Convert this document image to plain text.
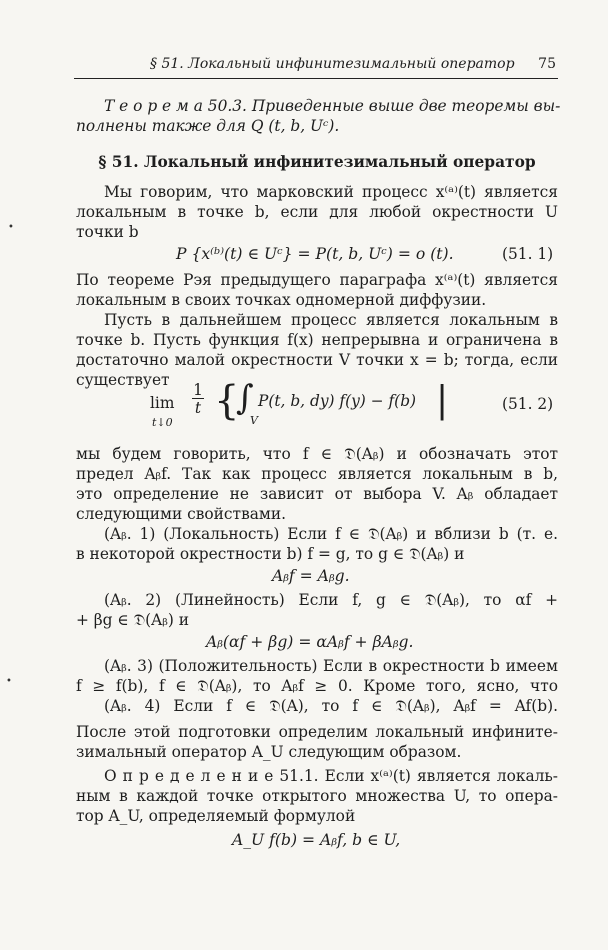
§ 51. Локальный инфинитезимальный оператор 75
Т е о р е м а 50.3. Приведенные выше две теоремы вы-
полнены также для Q (t, b, Uᶜ).
§ 51. Локальный инфинитезимальный оператор
Мы говорим, что марковский процесс x⁽ᵃ⁾(t) является
локальным в точке b, если для любой окрестности U
точки b
P {x⁽ᵇ⁾(t) ∈ Uᶜ} = P(t, b, Uᶜ) = o (t).	(51. 1)
По теореме Рэя предыдущего параграфа x⁽ᵃ⁾(t) является
локальным в своих точках одномерной диффузии.
Пусть в дальнейшем процесс является локальным в
точке b. Пусть функция f(x) непрерывна и ограничена в
достаточно малой окрестности V точки x = b; тогда, если
существует
lim
t↓0
$\frac{1}{t}$ {
∫
V
P(t, b, dy) f(y) − f(b) |	(51. 2)
мы будем говорить, что f ∈ 𝔇(Aᵦ) и обозначать этот
предел Aᵦf. Так как процесс является локальным в b,
это определение не зависит от выбора V. Aᵦ обладает
следующими свойствами.
(Aᵦ. 1) (Локальность) Если f ∈ 𝔇(Aᵦ) и вблизи b (т. е.
в некоторой окрестности b) f = g, то g ∈ 𝔇(Aᵦ) и
Aᵦf = Aᵦg.
(Aᵦ. 2) (Линейность) Если f, g ∈ 𝔇(Aᵦ), то αf +
+ βg ∈ 𝔇(Aᵦ) и
Aᵦ(αf + βg) = αAᵦf + βAᵦg.
(Aᵦ. 3) (Положительность) Если в окрестности b имеем
f ≥ f(b), f ∈ 𝔇(Aᵦ), то Aᵦf ≥ 0. Кроме того, ясно, что
(Aᵦ. 4) Если f ∈ 𝔇(A), то f ∈ 𝔇(Aᵦ), Aᵦf = Af(b).
После этой подготовки определим локальный инфините-
зимальный оператор A_U следующим образом.
О п р е д е л е н и е 51.1. Если x⁽ᵃ⁾(t) является локаль-
ным в каждой точке открытого множества U, то опера-
тор A_U, определяемый формулой
A_U f(b) = Aᵦf, b ∈ U,
•
•
